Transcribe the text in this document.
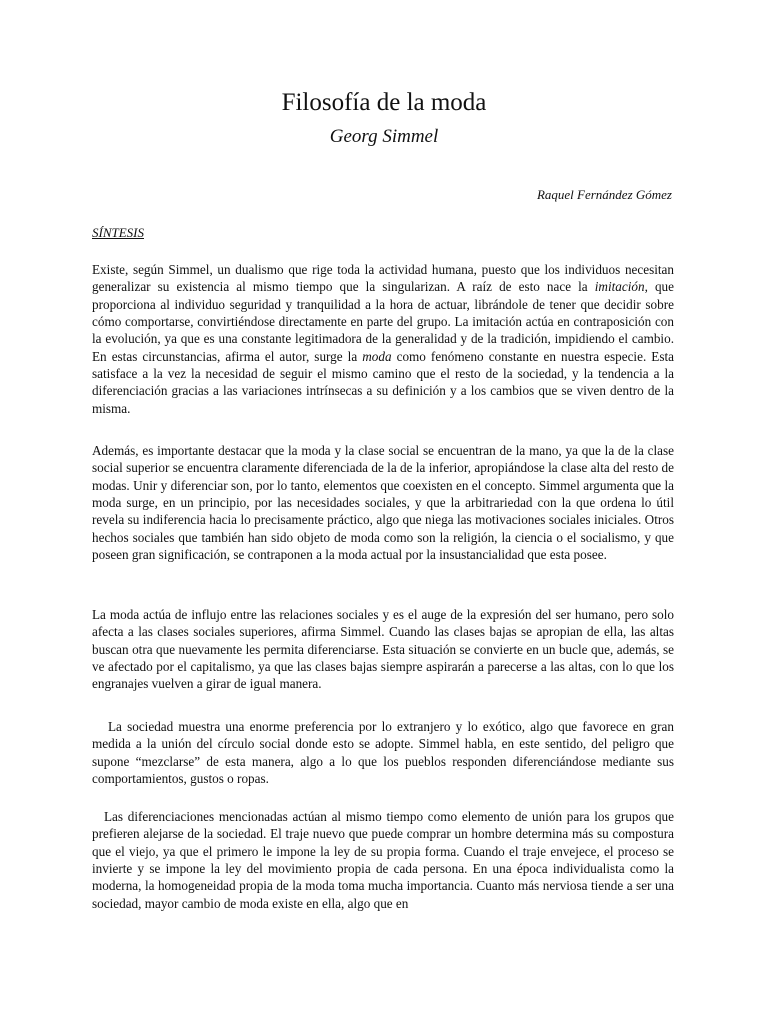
Filosofía de la moda
Georg Simmel
Raquel Fernández Gómez
SÍNTESIS

Existe, según Simmel, un dualismo que rige toda la actividad humana, puesto que los individuos necesitan generalizar su existencia al mismo tiempo que la singularizan. A raíz de esto nace la imitación, que proporciona al individuo seguridad y tranquilidad a la hora de actuar, librándole de tener que decidir sobre cómo comportarse, convirtiéndose directamente en parte del grupo. La imitación actúa en contraposición con la evolución, ya que es una constante legitimadora de la generalidad y de la tradición, impidiendo el cambio. En estas circunstancias, afirma el autor, surge la moda como fenómeno constante en nuestra especie. Esta satisface a la vez la necesidad de seguir el mismo camino que el resto de la sociedad, y la tendencia a la diferenciación gracias a las variaciones intrínsecas a su definición y a los cambios que se viven dentro de la misma.

Además, es importante destacar que la moda y la clase social se encuentran de la mano, ya que la de la clase social superior se encuentra claramente diferenciada de la de la inferior, apropiándose la clase alta del resto de modas. Unir y diferenciar son, por lo tanto, elementos que coexisten en el concepto. Simmel argumenta que la moda surge, en un principio, por las necesidades sociales, y que la arbitrariedad con la que ordena lo útil revela su indiferencia hacia lo precisamente práctico, algo que niega las motivaciones sociales iniciales. Otros hechos sociales que también han sido objeto de moda como son la religión, la ciencia o el socialismo, y que poseen gran significación, se contraponen a la moda actual por la insustancialidad que esta posee.

La moda actúa de influjo entre las relaciones sociales y es el auge de la expresión del ser humano, pero solo afecta a las clases sociales superiores, afirma Simmel. Cuando las clases bajas se apropian de ella, las altas buscan otra que nuevamente les permita diferenciarse. Esta situación se convierte en un bucle que, además, se ve afectado por el capitalismo, ya que las clases bajas siempre aspirarán a parecerse a las altas, con lo que los engranajes vuelven a girar de igual manera.

La sociedad muestra una enorme preferencia por lo extranjero y lo exótico, algo que favorece en gran medida a la unión del círculo social donde esto se adopte. Simmel habla, en este sentido, del peligro que supone “mezclarse” de esta manera, algo a lo que los pueblos responden diferenciándose mediante sus comportamientos, gustos o ropas.

Las diferenciaciones mencionadas actúan al mismo tiempo como elemento de unión para los grupos que prefieren alejarse de la sociedad. El traje nuevo que puede comprar un hombre determina más su compostura que el viejo, ya que el primero le impone la ley de su propia forma. Cuando el traje envejece, el proceso se invierte y se impone la ley del movimiento propia de cada persona. En una época individualista como la moderna, la homogeneidad propia de la moda toma mucha importancia. Cuanto más nerviosa tiende a ser una sociedad, mayor cambio de moda existe en ella, algo que en
